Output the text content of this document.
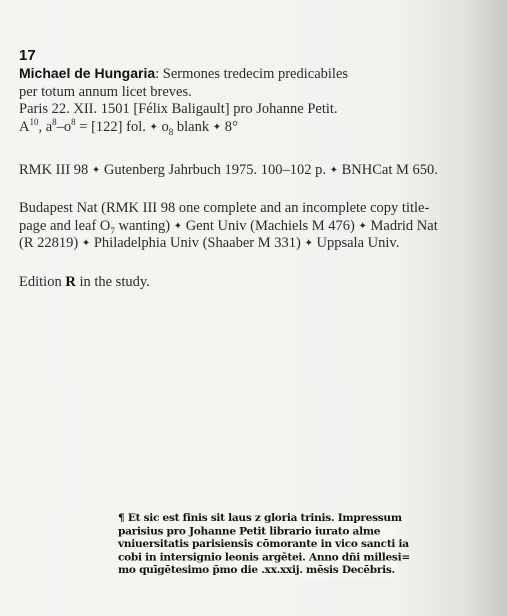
17
Michael de Hungaria: Sermones tredecim predicabiles
per totum annum licet breves.
Paris 22. XII. 1501 [Félix Baligault] pro Johanne Petit.
$A^{10}$, $a^8-o^8 = [122]$ fol. ✦ $o_8$ blank ✦ 8°
RMK III 98 ✦ Gutenberg Jahrbuch 1975. 100–102 p. ✦ BNHCat M 650.
Budapest Nat (RMK III 98 one complete and an incomplete copy title-
page and leaf $O_7$ wanting) ✦ Gent Univ (Machiels M 476) ✦ Madrid Nat
(R 22819) ✦ Philadelphia Univ (Shaaber M 331) ✦ Uppsala Univ.
Edition R in the study.
¶ Et sic est finis sit laus z gloria trinis. Impressum
parisius pro Johanne Petit librario iurato alme
vniuersitatis parisiensis cōmorante in vico sancti ia
cobi in intersignio leonis argētei. Anno dñi millesi=
mo quīgētesimo p̄mo die .xx.xxij. mēsis Decēbris.
